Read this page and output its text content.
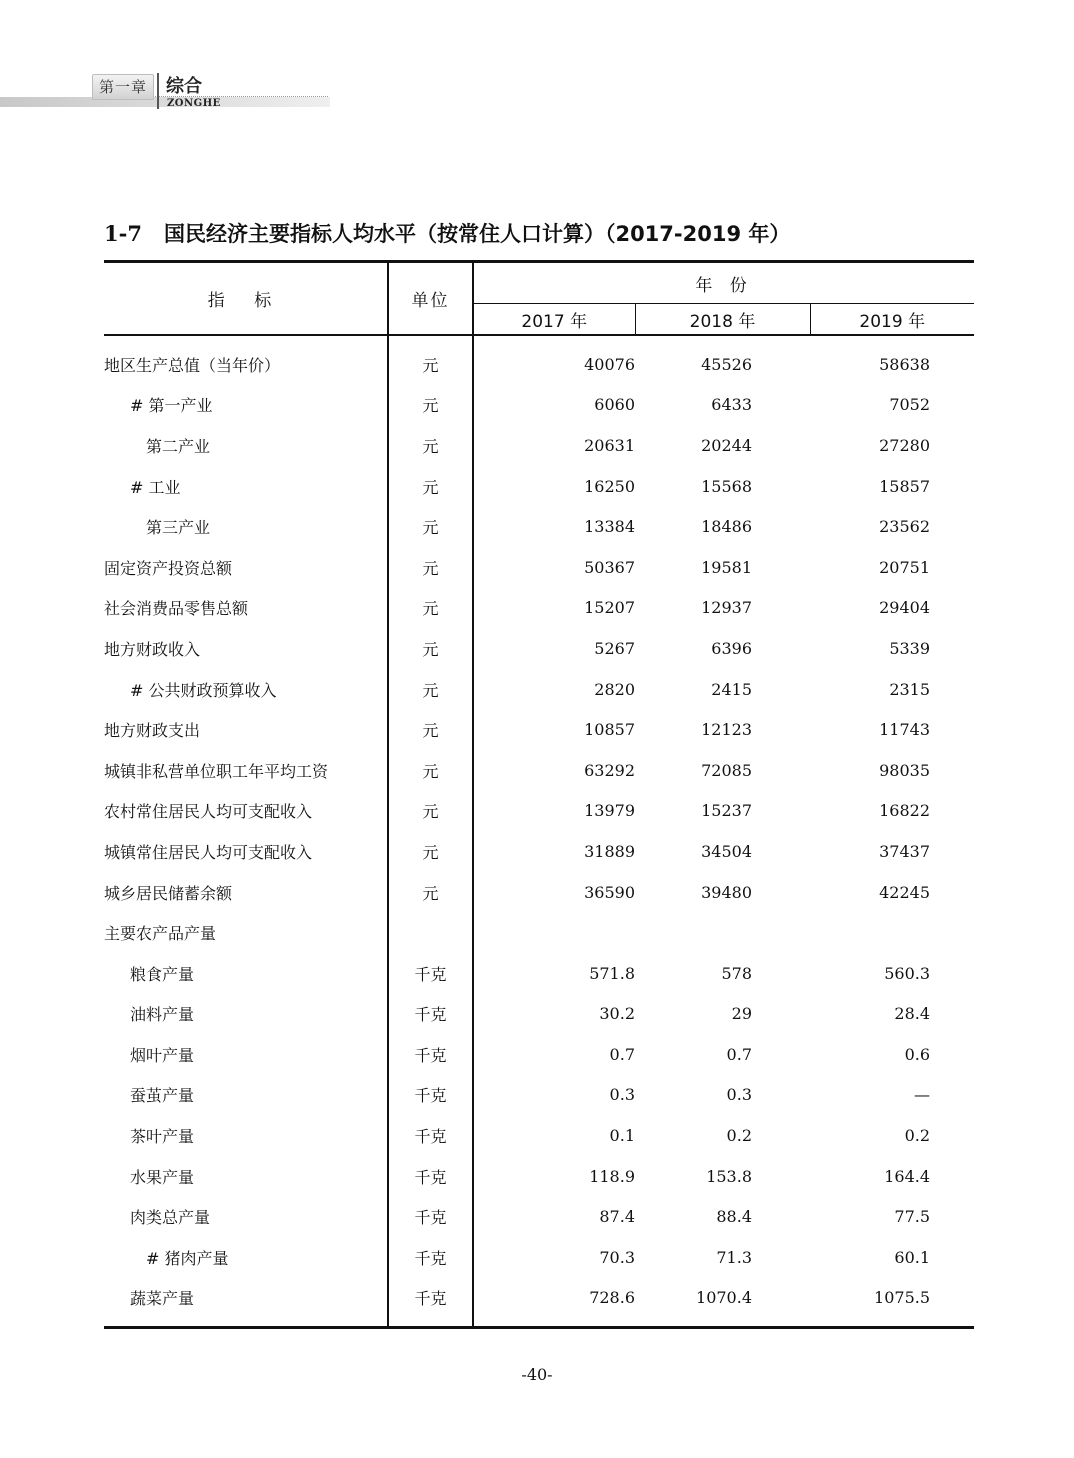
第一章	综合
ZONGHE
1-7 国民经济主要指标人均水平（按常住人口计算）（2017-2019 年）
指 标	单位	年 份		
		2017 年	2018 年	2019 年
地区生产总值（当年价）	元	40076	45526	58638
# 第一产业	元	6060	6433	7052
第二产业	元	20631	20244	27280
# 工业	元	16250	15568	15857
第三产业	元	13384	18486	23562
固定资产投资总额	元	50367	19581	20751
社会消费品零售总额	元	15207	12937	29404
地方财政收入	元	5267	6396	5339
# 公共财政预算收入	元	2820	2415	2315
地方财政支出	元	10857	12123	11743
城镇非私营单位职工年平均工资	元	63292	72085	98035
农村常住居民人均可支配收入	元	13979	15237	16822
城镇常住居民人均可支配收入	元	31889	34504	37437
城乡居民储蓄余额	元	36590	39480	42245
主要农产品产量				
粮食产量	千克	571.8	578	560.3
油料产量	千克	30.2	29	28.4
烟叶产量	千克	0.7	0.7	0.6
蚕茧产量	千克	0.3	0.3	—
茶叶产量	千克	0.1	0.2	0.2
水果产量	千克	118.9	153.8	164.4
肉类总产量	千克	87.4	88.4	77.5
# 猪肉产量	千克	70.3	71.3	60.1
蔬菜产量	千克	728.6	1070.4	1075.5
-40-
